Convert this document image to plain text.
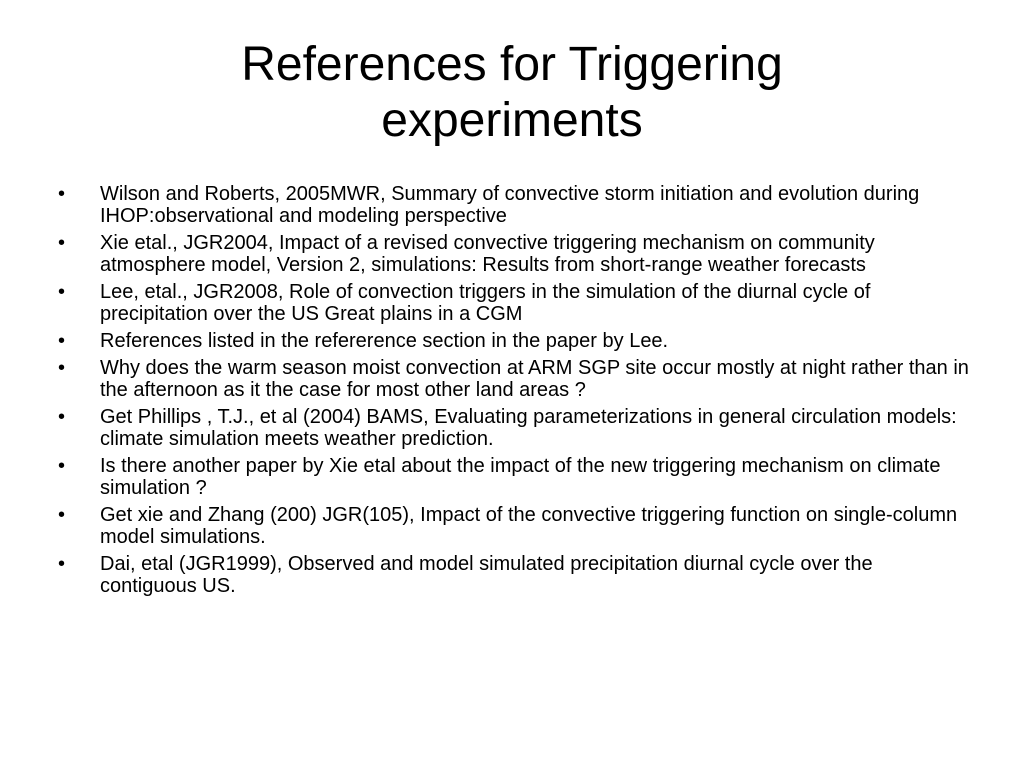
References for Triggering
experiments
•	Wilson and Roberts, 2005MWR, Summary of convective storm initiation and evolution during IHOP:observational and modeling perspective
•	Xie etal., JGR2004, Impact of a revised convective triggering mechanism on community atmosphere model, Version 2, simulations: Results from short-range weather forecasts
•	Lee, etal., JGR2008, Role of convection triggers in the simulation of the diurnal cycle of precipitation over the US Great plains in a CGM
•	References listed in the refererence section in the paper by Lee.
•	Why does the warm season moist convection at ARM SGP site occur mostly at night rather than in the afternoon as it the case for most other land areas ?
•	Get Phillips , T.J., et al (2004) BAMS, Evaluating parameterizations in general circulation models: climate simulation meets weather prediction.
•	Is there another paper by Xie etal about the impact of the new triggering mechanism on climate simulation ?
•	Get xie and Zhang (200) JGR(105), Impact of the convective triggering function on single-column model simulations.
•	Dai, etal (JGR1999), Observed and model simulated precipitation diurnal cycle over the contiguous US.
